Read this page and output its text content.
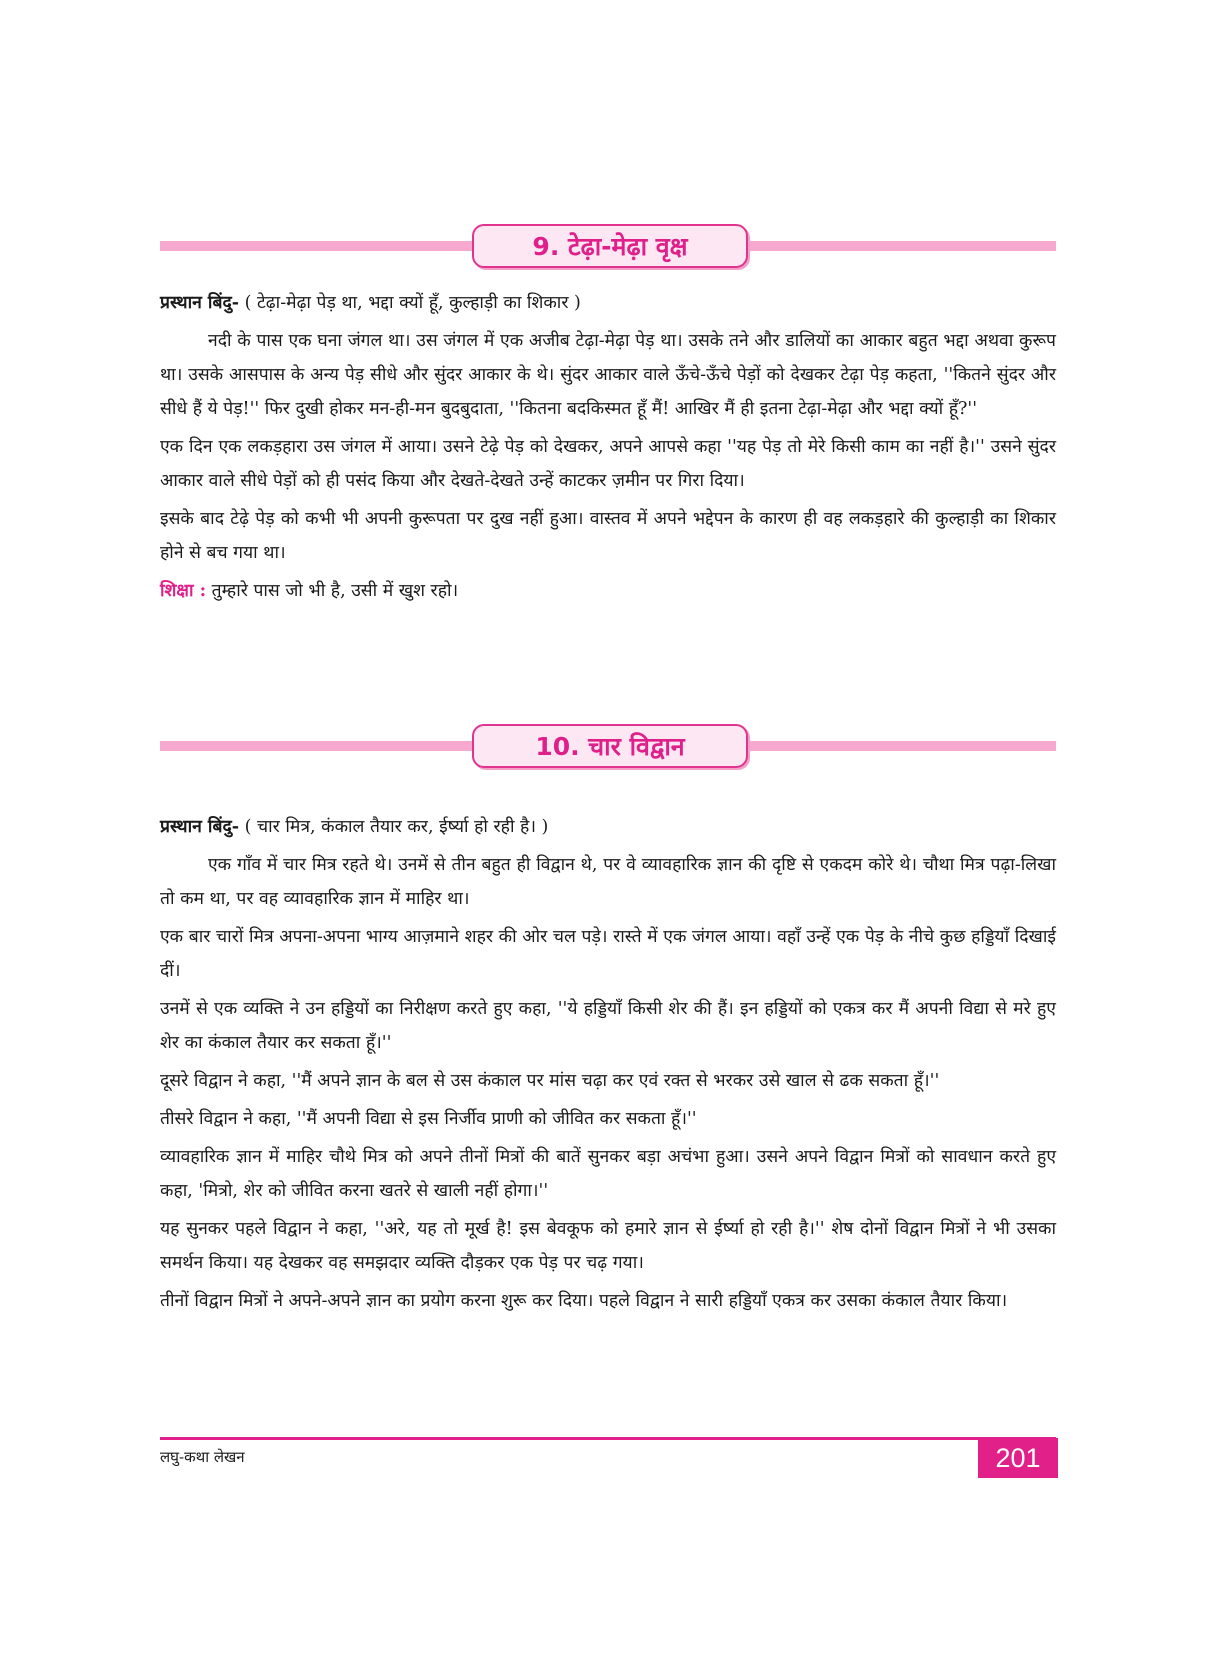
9. टेढ़ा-मेढ़ा वृक्ष

प्रस्थान बिंदु- ( टेढ़ा-मेढ़ा पेड़ था, भद्दा क्यों हूँ, कुल्हाड़ी का शिकार )

नदी के पास एक घना जंगल था। उस जंगल में एक अजीब टेढ़ा-मेढ़ा पेड़ था। उसके तने और डालियों का आकार बहुत भद्दा अथवा कुरूप था। उसके आसपास के अन्य पेड़ सीधे और सुंदर आकार के थे। सुंदर आकार वाले ऊँचे-ऊँचे पेड़ों को देखकर टेढ़ा पेड़ कहता, ''कितने सुंदर और सीधे हैं ये पेड़!'' फिर दुखी होकर मन-ही-मन बुदबुदाता, ''कितना बदकिस्मत हूँ मैं! आखिर मैं ही इतना टेढ़ा-मेढ़ा और भद्दा क्यों हूँ?''

एक दिन एक लकड़हारा उस जंगल में आया। उसने टेढ़े पेड़ को देखकर, अपने आपसे कहा ''यह पेड़ तो मेरे किसी काम का नहीं है।'' उसने सुंदर आकार वाले सीधे पेड़ों को ही पसंद किया और देखते-देखते उन्हें काटकर ज़मीन पर गिरा दिया।

इसके बाद टेढ़े पेड़ को कभी भी अपनी कुरूपता पर दुख नहीं हुआ। वास्तव में अपने भद्देपन के कारण ही वह लकड़हारे की कुल्हाड़ी का शिकार होने से बच गया था।

शिक्षा : तुम्हारे पास जो भी है, उसी में खुश रहो।

10. चार विद्वान

प्रस्थान बिंदु- ( चार मित्र, कंकाल तैयार कर, ईर्ष्या हो रही है। )

एक गाँव में चार मित्र रहते थे। उनमें से तीन बहुत ही विद्वान थे, पर वे व्यावहारिक ज्ञान की दृष्टि से एकदम कोरे थे। चौथा मित्र पढ़ा-लिखा तो कम था, पर वह व्यावहारिक ज्ञान में माहिर था।

एक बार चारों मित्र अपना-अपना भाग्य आज़माने शहर की ओर चल पड़े। रास्ते में एक जंगल आया। वहाँ उन्हें एक पेड़ के नीचे कुछ हड्डियाँ दिखाई दीं।

उनमें से एक व्यक्ति ने उन हड्डियों का निरीक्षण करते हुए कहा, ''ये हड्डियाँ किसी शेर की हैं। इन हड्डियों को एकत्र कर मैं अपनी विद्या से मरे हुए शेर का कंकाल तैयार कर सकता हूँ।''

दूसरे विद्वान ने कहा, ''मैं अपने ज्ञान के बल से उस कंकाल पर मांस चढ़ा कर एवं रक्त से भरकर उसे खाल से ढक सकता हूँ।''

तीसरे विद्वान ने कहा, ''मैं अपनी विद्या से इस निर्जीव प्राणी को जीवित कर सकता हूँ।''

व्यावहारिक ज्ञान में माहिर चौथे मित्र को अपने तीनों मित्रों की बातें सुनकर बड़ा अचंभा हुआ। उसने अपने विद्वान मित्रों को सावधान करते हुए कहा, 'मित्रो, शेर को जीवित करना खतरे से खाली नहीं होगा।''

यह सुनकर पहले विद्वान ने कहा, ''अरे, यह तो मूर्ख है! इस बेवकूफ को हमारे ज्ञान से ईर्ष्या हो रही है।'' शेष दोनों विद्वान मित्रों ने भी उसका समर्थन किया। यह देखकर वह समझदार व्यक्ति दौड़कर एक पेड़ पर चढ़ गया।

तीनों विद्वान मित्रों ने अपने-अपने ज्ञान का प्रयोग करना शुरू कर दिया। पहले विद्वान ने सारी हड्डियाँ एकत्र कर उसका कंकाल तैयार किया।

लघु-कथा लेखन	201
